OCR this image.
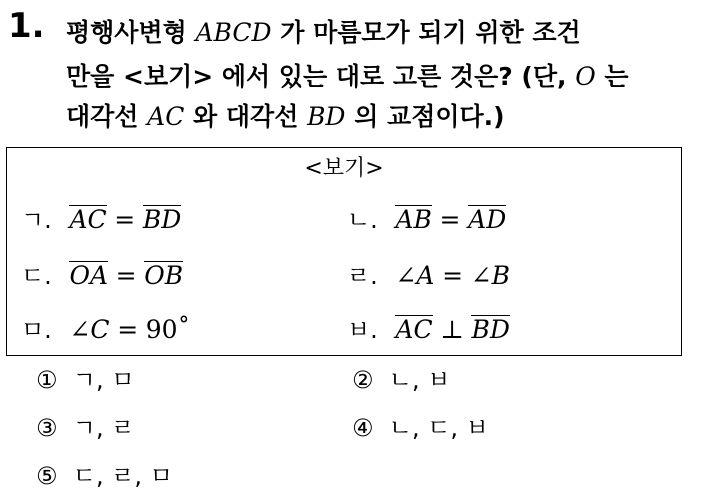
1. 평행사변형 ABCD 가 마름모가 되기 위한 조건
만을 <보기> 에서 있는 대로 고른 것은? (단, O 는
대각선 AC 와 대각선 BD 의 교점이다.)
<보기>
ㄱ. AC = BD	ㄴ. AB = AD
ㄷ. OA = OB	ㄹ. ∠A = ∠B
ㅁ. ∠C = 90˚	ㅂ. AC ⊥ BD
① ㄱ, ㅁ	② ㄴ, ㅂ
③ ㄱ, ㄹ	④ ㄴ, ㄷ, ㅂ
⑤ ㄷ, ㄹ, ㅁ
